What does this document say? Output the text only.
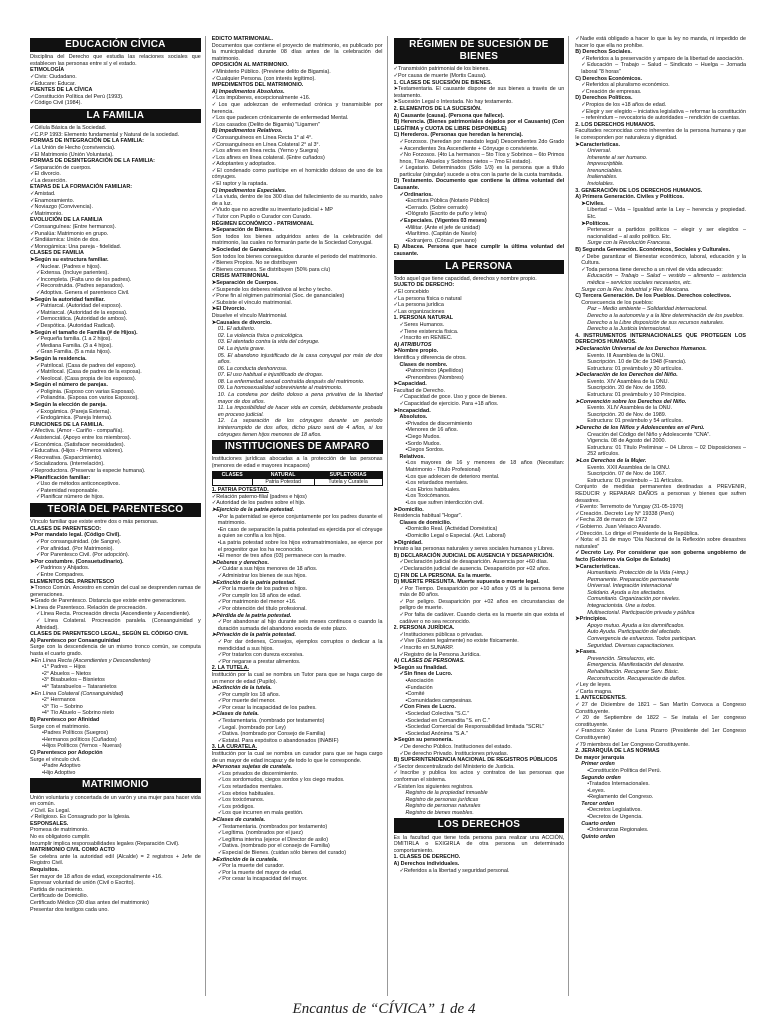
EDUCACIÓN CÍVICA
Disciplina del Derecho que estudia las relaciones sociales que establecen las personas entre sí y el estado.
ETIMOLOGÍA
✓ Civis: Ciudadano.
✓ Educare: Educar.
FUENTES DE LA CÍVICA
✓ Constitución Política del Perú (1993).
✓ Código Civil (1984).
LA FAMILIA
✓ Célula Básica de la Sociedad.
✓ C.P.P 1993: Elemento fundamental y Natural de la sociedad.
FORMAS DE INTEGRACIÓN DE LA FAMILIA:
✓ La Unión de Hecho (convivencia).
✓ El Matrimonio (Unión Voluntaria).
FORMAS DE DESINTEGRACIÓN DE LA FAMILIA:
✓ Separación de cuerpos.
✓ El divorcio.
✓ La deserción.
ETAPAS DE LA FORMACIÓN FAMILIAR:
✓ Amistad.
✓ Enamoramiento.
✓ Noviazgo (Convivencia).
✓ Matrimonio.
EVOLUCIÓN DE LA FAMILIA
✓ Consanguínea: (Entre hermanos).
✓ Punalúa: Matrimonio en grupo.
✓ Sindiásmica: Unión de dos.
✓ Monogámica: Una pareja - fidelidad.
CLASES DE FAMILIA
➤ Según su estructura familiar.
✓ Nuclear. (Padres e hijos).
✓ Extensa. (Incluye parientes).
✓ Incompleta. (Falta uno de los padres).
✓ Reconstruida. (Padres separados).
✓ Adoptiva. Genera el parentesco Civil.
➤ Según la autoridad familiar.
✓ Patriarcal. (Autoridad del esposo).
✓ Matriarcal. (Autoridad de la esposa).
✓ Democrática. (Autoridad de ambos).
✓ Despótica. (Autoridad Radical).
➤ Según el tamaño de Familia (# de Hijos).
✓ Pequeña familia. (1 a 2 hijos).
✓ Mediana Familia. (3 a 4 hijos).
✓ Gran Familia. (5 a más hijos).
➤ Según la residencia.
✓ Patrilocal. (Casa de padres del esposo).
✓ Matrilocal. (Casa de padres de la esposa).
✓ Neolocal. (Casa propia de los esposos).
➤ Según el número de parejas.
✓ Poliginia. (Esposo con varias Esposas).
✓ Poliandria. (Esposa con varios Esposos).
➤ Según la elección de pareja.
✓ Exogámica. (Pareja Externa).
✓ Endogámica. (Pareja Interna).
FUNCIONES DE LA FAMILIA.
✓ Afectiva. (Amor - Cariño - compañía).
✓ Asistencial. (Apoyo entre los miembros).
✓ Económica. (Satisfacer necesidades).
✓ Educativa. (Hijos - Primeros valores).
✓ Recreativa. (Esparcimiento).
✓ Socializadora. (Interrelación).
✓ Reproductora. (Preservar la especie humana).
➤ Planificación familiar:
✓ Uso de métodos anticonceptivos.
✓ Paternidad responsable.
✓ Planificar número de hijos.
TEORÍA DEL PARENTESCO
Vínculo familiar que existe entre dos o más personas.
CLASES DE PARENTESCO:
➤ Por mandato legal. (Código Civil).
✓ Por consanguinidad. (de Sangre).
✓ Por afinidad. (Por Matrimonio).
✓ Por Parentesco Civil. (Por adopción).
➤ Por costumbre. (Consuetudinario).
✓ Padrinos y Ahijados.
✓ Entre Compadres.
ELEMENTOS DEL PARENTESCO
➤ Tronco Común. Ancestro en común del cual se desprenden ramas de generaciones.
➤ Grado de Parentesco. Distancia que existe entre generaciones.
➤ Línea de Parentesco. Relación de procreación.
✓ Línea Recta. Procreación directa (Ascendiente y Ascendiente).
✓ Línea Colateral. Procreación paralela. (Consanguinidad y Afinidad).
CLASES DE PARENTESCO LEGAL, SEGÚN EL CÓDIGO CIVIL
A) Parentesco por Consanguinidad
Surge con la descendencia de un mismo tronco común, se computa hasta el cuarto grado.
➤ En Línea Recta (Ascendientes y Descendientes)
• 1° Padres – Hijos
• 2° Abuelos – Nietos
• 3° Bisabuelos – Bisnietos
• 4° Tatarabuelos – Tataranietos
➤ En Línea Colateral (Consanguinidad)
• 2° Hermanos
• 3° Tío – Sobrino
• 4° Tío Abuelo – Sobrino nieto
B) Parentesco por Afinidad
Surge con el matrimonio.
• Padres Políticos (Suegros)
• Hermanos políticos (Cuñados)
• Hijos Políticos (Yernos - Nueras)
C) Parentesco por Adopción
Surge el vínculo civil.
• Padre Adoptivo
• Hijo Adoptivo
MATRIMONIO
Unión voluntaria y concertada de un varón y una mujer para hacer vida en común.
✓ Civil. Es Legal.
✓ Religioso. Es Consagrado por la Iglesia.
ESPONSALES.
Promesa de matrimonio.
No es obligatorio cumplir.
Incumplir implica responsabilidades legales (Reparación Civil).
MATRIMONIO CIVIL COMO ACTO
Se celebra ante la autoridad edil (Alcalde) = 2 registros + Jefe de Registro Civil.
Requisitos.
Ser mayor de 18 años de edad, excepcionalmente +16.
Expresar voluntad de unión (Civil o Escrito).
Partida de nacimiento.
Certificado de Domicilio.
Certificado Médico (30 días antes del matrimonio)
Presentar dos testigos cada uno.
EDICTO MATRIMONIAL.
Documentos que contiene el proyecto de matrimonio, es publicado por la municipalidad durante 08 días antes de la celebración del matrimonio.
OPOSICIÓN AL MATRIMONIO.
✓ Ministerio Público. (Previene delito de Bigamia).
✓ Cualquier Persona. (con interés legítimo).
IMPEDIMENTOS DEL MATRIMONIO.
A) Impedimentos Absolutos.
✓ Los impúberes, excepcionalmente +16.
✓ Los que adolezcan de enfermedad crónica y transmisible por herencia.
✓ Los que padecen crónicamente de enfermedad Mental.
✓ Los casados (Delito de Bigamia) "Ligamen"
B) Impedimentos Relativos.
✓ Consanguíneos en Línea Recta 1° al 4°.
✓ Consanguíneos en Línea Colateral 2° al 3°.
✓ Los afines en línea recta. (Yerno y Suegra)
✓ Los afines en línea colateral. (Entre cuñados)
✓ Adoptantes y adoptados.
✓ El condenado como partícipe en el homicidio doloso de uno de los cónyuges.
✓ El raptor y la raptada.
C) Impedimentos Especiales.
✓ La viuda, dentro de los 300 días del fallecimiento de su marido, salvo de a luz.
✓ Viudo que no acredite su inventario judicial + MP
✓ Tutor con Pupilo o Curador con Curado.
RÉGIMEN ECONÓMICO - PATRIMONIAL
➤ Separación de Bienes.
Son todos los bienes adquiridos antes de la celebración del matrimonio, las cuales no formarán parte de la Sociedad Conyugal.
➤ Sociedad de Gananciales.
Son todos los bienes conseguidos durante el periodo del matrimonio.
✓ Bienes Propios. No se distribuyen
✓ Bienes comunes. Se distribuyen (50% para c/u)
CRISIS MATRIMONIAL
➤ Separación de Cuerpos.
✓ Suspende los deberes relativos al lecho y techo.
✓ Pone fin al régimen patrimonial (Soc. de gananciales)
✓ Subsiste el vínculo matrimonial.
➤ El Divorcio.
Disuelve el vínculo Matrimonial.
➤ Causales de divorcio.
01. El adulterio.
02. La violencia física o psicológica.
03. El atentado contra la vida del cónyuge.
04. La injuria grave.
05. El abandono injustificado de la casa conyugal por más de dos años.
06. La conducta deshonrosa.
07. El uso habitual e injustificado de drogas.
08. La enfermedad sexual contraída después del matrimonio.
09. La homosexualidad sobreviniente al matrimonio.
10. La condena por delito doloso a pena privativa de la libertad mayor de dos años.
11. La imposibilidad de hacer vida en común, debidamente probada en proceso judicial.
12. La separación de los cónyuges durante un periodo ininterrumpido de dos años, dicho plazo será de 4 años, si los cónyuges tienen hijos menores de 18 años.
INSTITUCIONES DE AMPARO
Instituciones jurídicas abocadas a la protección de las personas (menores de edad e mayores incapaces)
CLASES	NATURAL	SUPLETORIAS
	Patria Potestad	Tutela y Curatela
1. PATRIA POTESTAD.
✓ Relación paterno-filial (padres e hijos)
✓ Autoridad de los padres sobre el hijo.
➤ Ejercicio de la patria potestad.
• Por la paternidad se ejerce conjuntamente por los padres durante el matrimonio.
• En caso de separación la patria potestad es ejercida por el cónyuge a quien se confía a los hijos.
• La patria potestad sobre los hijos extramatrimoniales, se ejerce por el progenitor que los ha reconocido.
• El menor de tres años (03) permanece con la madre.
➤ Deberes y derechos.
✓ Cuidar a sus hijos menores de 18 años.
✓ Administrar los bienes de sus hijos.
➤ Extinción de la patria potestad.
✓ Por la muerte de los padres o hijos.
✓ Por cumplir los 18 años de edad.
✓ Por matrimonio del menor +16.
✓ Por obtención del título profesional.
➤ Pérdida de la patria potestad.
✓ Por abandonar al hijo durante seis meses continuos o cuando la duración sumada del abandono exceda de este plazo.
➤ Privación de la patria potestad.
✓ Por dar órdenes, Consejos, ejemplos corruptos o dedicar a la mendicidad a sus hijos.
✓ Por tratarlos con dureza excesiva.
✓ Por negarse a prestar alimentos.
2. LA TUTELA.
Institución por la cual se nombra un Tutor para que se haga cargo de un menor de edad (Pupilo).
➤ Extinción de la tutela.
✓ Por cumplir los 18 años.
✓ Por muerte del menor.
✓ Por cesar la incapacidad de los padres.
➤ Clases de tutela.
✓ Testamentaria. (nombrado por testamento)
✓ Legal. (nombrado por Ley)
✓ Dativa. (nombrado por Consejo de Familia)
✓ Estatal. Para expósitos o abandonados (INABIF)
3. LA CURATELA.
Institución por la cual se nombra un curador para que se haga cargo de un mayor de edad incapaz y de todo lo que le corresponde.
➤ Personas sujetas de curatela.
✓ Los privados de discernimiento.
✓ Los sordomudos, ciegos sordos y los ciego mudos.
✓ Los retardados mentales.
✓ Los ebrios habituales.
✓ Los toxicómanos.
✓ Los pródigos.
✓ Los que incurren en mala gestión.
➤ Clases de curatela.
✓ Testamentaria. (nombrados por testamento)
✓ Legítima. (nombrados por el juez)
✓ Legítima interina (ejerce el Director de asilo)
✓ Dativa. (nombrado por el consejo de Familia)
✓ Especial de Bienes. (cuidan sólo bienes del curado)
➤ Extinción de la curatela.
✓ Por la muerte del curador.
✓ Por la muerte del mayor de edad.
✓ Por cesar la incapacidad del mayor.
RÉGIMEN DE SUCESIÓN DE BIENES
✓ Transmisión patrimonial de los bienes.
✓ Por causa de muerte (Mortis Causa).
1. CLASES DE SUCESIÓN DE BIENES.
➤ Testamentaria. El causante dispone de sus bienes a través de un testamento.
➤ Sucesión Legal o Intestada. No hay testamento.
2. ELEMENTOS DE LA SUCESIÓN.
A) Causante (causa). (Persona que fallece).
B) Herencia. (Bienes patrimoniales dejados por el Causante) (Con LEGÍTIMA y CUOTA DE LIBRE DISPONIBLE)
C) Herederos. (Personas que heredan la herencia).
✓ Forzosos. (heredan por mandato legal) Descendientes 2do Grado + Ascendientes 3ra Ascendiente + Cónyuge o conviviente.
✓ No Forzosos. (4to La hermanos – 5to Tíos y Sobrinos – 6to Primos hnos, Tíos Abuelos y Sobrinos nietos – 7mo El estado).
✓ Legatario. Determinados (Sólo 1/3) es la persona que a título particular (singular) sucede a otra con la parte de la cuota tramitada.
D) Testamento. Documento que contiene la última voluntad del Causante.
✓ Ordinarios.
• Escritura Pública (Notario Público)
• Cerrado. (Sobre cerrado)
• Ológrafo (Escrito de puño y letra)
✓ Especiales. (Vigentes 03 meses)
• Militar. (Ante el jefe de unidad)
• Marítimo. (Capitán de Navío)
• Extranjero. (Cónsul peruano)
E) Albacea. Persona que hace cumplir la última voluntad del causante.
LA PERSONA
Todo aquel que tiene capacidad, derechos y nombre propio.
SUJETO DE DERECHO:
✓ El concebido
✓ La persona física o natural
✓ La persona jurídica
✓ Las organizaciones
1. PERSONA NATURAL
✓ Seres Humanos.
✓ Tiene existencia física.
✓ Inscrito en RENIEC.
A) ATRIBUTOS
➤ Nombre propio.
Identifica y diferencia de otros.
Clases de nombre.
• Patronímico (Apellidos)
• Prenombres (Nombres)
➤ Capacidad.
Facultad de Derecho.
✓ Capacidad de goce. Uso y goce de bienes.
✓ Capacidad de ejercicio. Para +18 años.
➤ Incapacidad.
Absolutos.
• Privados de discernimiento
• Menores de 16 años.
• Ciego Mudos.
• Sordo Mudos.
• Ciegos Sordos.
Relativos.
• Los mayores de 16 y menores de 18 años (Necesitan: Matrimonio - Título Profesional)
• Los que adolecen de deterioro mental.
• Los retardados mentales.
• Los Ebrios habituales.
• Los Toxicómanos.
• Los que sufren interdicción civil.
➤ Domicilio.
Residencia habitual "Hogar".
Clases de domicilio.
• Domicilio Real. (Actividad Doméstica)
• Domicilio Legal o Especial. (Act. Laboral)
➤ Dignidad.
Innato a las personas naturales y seres sociales humanos y Libres.
B) DECLARACIÓN JUDICIAL DE AUSENCIA Y DESAPARICIÓN.
✓ Declaración judicial de desaparición. Ausencia por +60 días.
✓ Declaración judicial de ausencia. Desaparición por +02 años.
C) FIN DE LA PERSONA. Es la muerte.
D) MUERTE PRESUNTA. Muerte supuesta o muerte legal.
✓ Por Tiempo. Desaparición por +10 años y 05 si la persona tiene más de 80 años.
✓ Por peligro. Desaparición por +02 años en circunstancias de peligro de muerte.
✓ Por falta de cadáver. Cuando cierta es la muerte sin que exista el cadáver o no sea reconocido.
2. PERSONA JURÍDICA.
✓ Instituciones públicas o privadas.
✓ Vive (Existen legalmente) no existe físicamente.
✓ Inscrito en SUNARP.
✓ Registro de la Persona Jurídica.
A) CLASES DE PERSONAS.
➤ Según su finalidad.
✓ Sin fines de Lucro.
• Asociación
• Fundación
• Comité
• Comunidades campesinas.
✓ Con Fines de Lucro.
• Sociedad Colectiva "S.C."
• Sociedad en Comandita "S. en C."
• Sociedad Comercial de Responsabilidad limitada "SCRL"
• Sociedad Anónima "S.A."
➤ Según su personería.
✓ De derecho Público. Instituciones del estado.
✓ De derecho Privado. Instituciones privadas.
B) SUPERINTENDENCIA NACIONAL DE REGISTROS PÚBLICOS
✓ Sector descentralizado del Ministerio de Justicia.
✓ Inscribe y publica los actos y contratos de las personas que conforman el sistema.
✓ Existen los siguientes registros.
Registro de la propiedad inmueble
Registro de personas jurídicas
Registro de personas naturales
Registro de bienes muebles.
LOS DERECHOS
Es la facultad que tiene toda persona para realizar una ACCIÓN, OMITIRLA o EXIGIRLA de otra persona un determinado comportamiento.
1. CLASES DE DERECHO.
A) Derechos individuales.
✓ Referidos a la libertad y seguridad personal.
✓ Nadie está obligado a hacer lo que la ley no manda, ni impedido de hacer lo que ella no prohíbe.
B) Derechos Sociales.
✓ Referidos a la preservación y amparo de la libertad de asociación.
✓ Educación – Trabajo – Salud – Sindicato – Huelga – Jornada laboral "8 horas"
C) Derechos Económicos.
✓ Referidos al pluralismo económico.
✓ Creación de empresas.
D) Derechos Políticos.
✓ Propios de los +18 años de edad.
✓ Elegir y ser elegido – iniciativa legislativa – reformar la constitución – referéndum – revocatoria de autoridades – rendición de cuentas.
2. LOS DERECHOS HUMANOS.
Facultades reconocidas como inherentes de la persona humana y que le corresponden por naturaleza y dignidad.
➤ Características.
Universal.
Inherente al ser humano.
Imprescriptible.
Irrenunciables.
Inalienables.
Inviolables.
3. GENERACIÓN DE LOS DERECHOS HUMANOS.
A) Primera Generación. Civiles y Políticos.
➤ Civiles.
Libertad – Vida – Igualdad ante la Ley – herencia y propiedad. Etc.
➤ Políticos.
Pertenecer a partidos políticos – elegir y ser elegidos – nacionalidad – al asilo político. Etc.
Surge con la Revolución Francesa.
B) Segunda Generación. Económicos, Sociales y Culturales.
✓ Debe garantizar el Bienestar económico, laboral, educación y la Cultura.
✓ Toda persona tiene derecho a un nivel de vida adecuado:
Educación – Trabajo – Salud – vestido – alimento – asistencia médica – servicios sociales necesarios, etc.
Surge con la Rev. Industrial y Rev. Mexicana.
C) Tercera Generación. De los Pueblos. Derechos colectivos.
Consecuencia de los pueblos:
Paz – Medio ambiente – Solidaridad internacional.
Derecho a la autonomía y a la libre determinación de los pueblos.
Derecho a la Libre disposición de sus recursos naturales.
Derecho a la Justicia Internacional.
4. INSTRUMENTOS INTERNACIONALES QUE PROTEGEN LOS DERECHOS HUMANOS.
➤ Declaración Universal de los Derechos Humanos.
Evento. III Asamblea de la ONU.
Suscripción. 10 de Dic de 1948 (Francia).
Estructura: 01 preámbulo y 30 artículos.
➤ Declaración de los Derechos del Niño.
Evento. XIV Asamblea de la ONU.
Suscripción. 20 de Nov. de 1959.
Estructura: 01 preámbulo y 10 Principios.
➤ Convención sobre los Derechos del Niño.
Evento. XLIV Asamblea de la ONU.
Suscripción. 20 de Nov. de 1989.
Estructura: 01 preámbulo y 54 artículos.
➤ Derecho de los Niños y Adolescentes en el Perú.
Creación del Código del Niño y Adolescente "CNA".
Vigencia. 08 de Agosto del 2000.
Estructura: 01 Título Preliminar – 04 Libros – 02 Disposiciones – 252 artículos.
➤ Los Derechos de la Mujer.
Evento. XXII Asamblea de la ONU.
Suscripción. 07 de Nov. de 1967.
Estructura: 01 preámbulo – 11 Artículos.
Conjunto de medidas permanentes destinadas a PREVENIR, REDUCIR y REPARAR DAÑOS a personas y bienes que sufren desastres.
✓ Evento: Terremoto de Yungay (31-05-1970)
✓ Creación. Decreto Ley N° 19338 (Perú)
✓ Fecha 28 de marzo de 1972
✓ Gobierno. Juan Velasco Alvarado.
✓ Dirección. Lo dirige el Presidente de la República.
✓ Nota: el 31 de mayo "Día Nacional de la Reflexión sobre desastres naturales"
✓ Decreto Ley. Por considerar que son goberna ungobierno de facto (Gobierno vía Golpe de Estado)
➤ Características.
Humanitario. Protección de la Vida (+imp.)
Permanente. Preparación permanente
Universal. Integración internacional
Solidario. Ayuda a los afectados.
Comunitario. Organización por niveles.
Integracionista. Une a todos.
Multisectorial. Participación privada y pública
➤ Principios.
Apoyo mutuo. Ayuda a los damnificados.
Auto Ayuda. Participación del afectado.
Convergencia de esfuerzos. Todos participan.
Seguridad. Diversas capacitaciones.
➤ Fases.
Prevención. Simulacros, etc.
Emergencia. Manifestación del desastre.
Rehabilitación. Recuperar Serv. Básic.
Reconstrucción. Recuperación de daños.
✓ Ley de leyes.
✓ Carta magna.
1. ANTECEDENTES.
✓ 27 de Diciembre de 1821 – San Martín Convoca a Congreso Constituyente.
✓ 20 de Septiembre de 1822 – Se instala el 1er congreso constituyente.
✓ Francisco Xavier de Luna Pizarro (Presidente del 1er Congreso Constituyente)
✓ 79 miembros del 1er Congreso Constituyente.
2. JERARQUÍA DE LAS NORMAS
De mayor jerarquía
Primer orden
• Constitución Política del Perú.
Segundo orden
• Tratados Internacionales.
• Leyes.
• Reglamento del Congreso.
Tercer orden
• Decretos Legislativos.
• Decretos de Urgencia.
Cuarto orden
• Ordenanzas Regionales.
Quinto orden
Encantus de “CÍVICA” 1 de 4
